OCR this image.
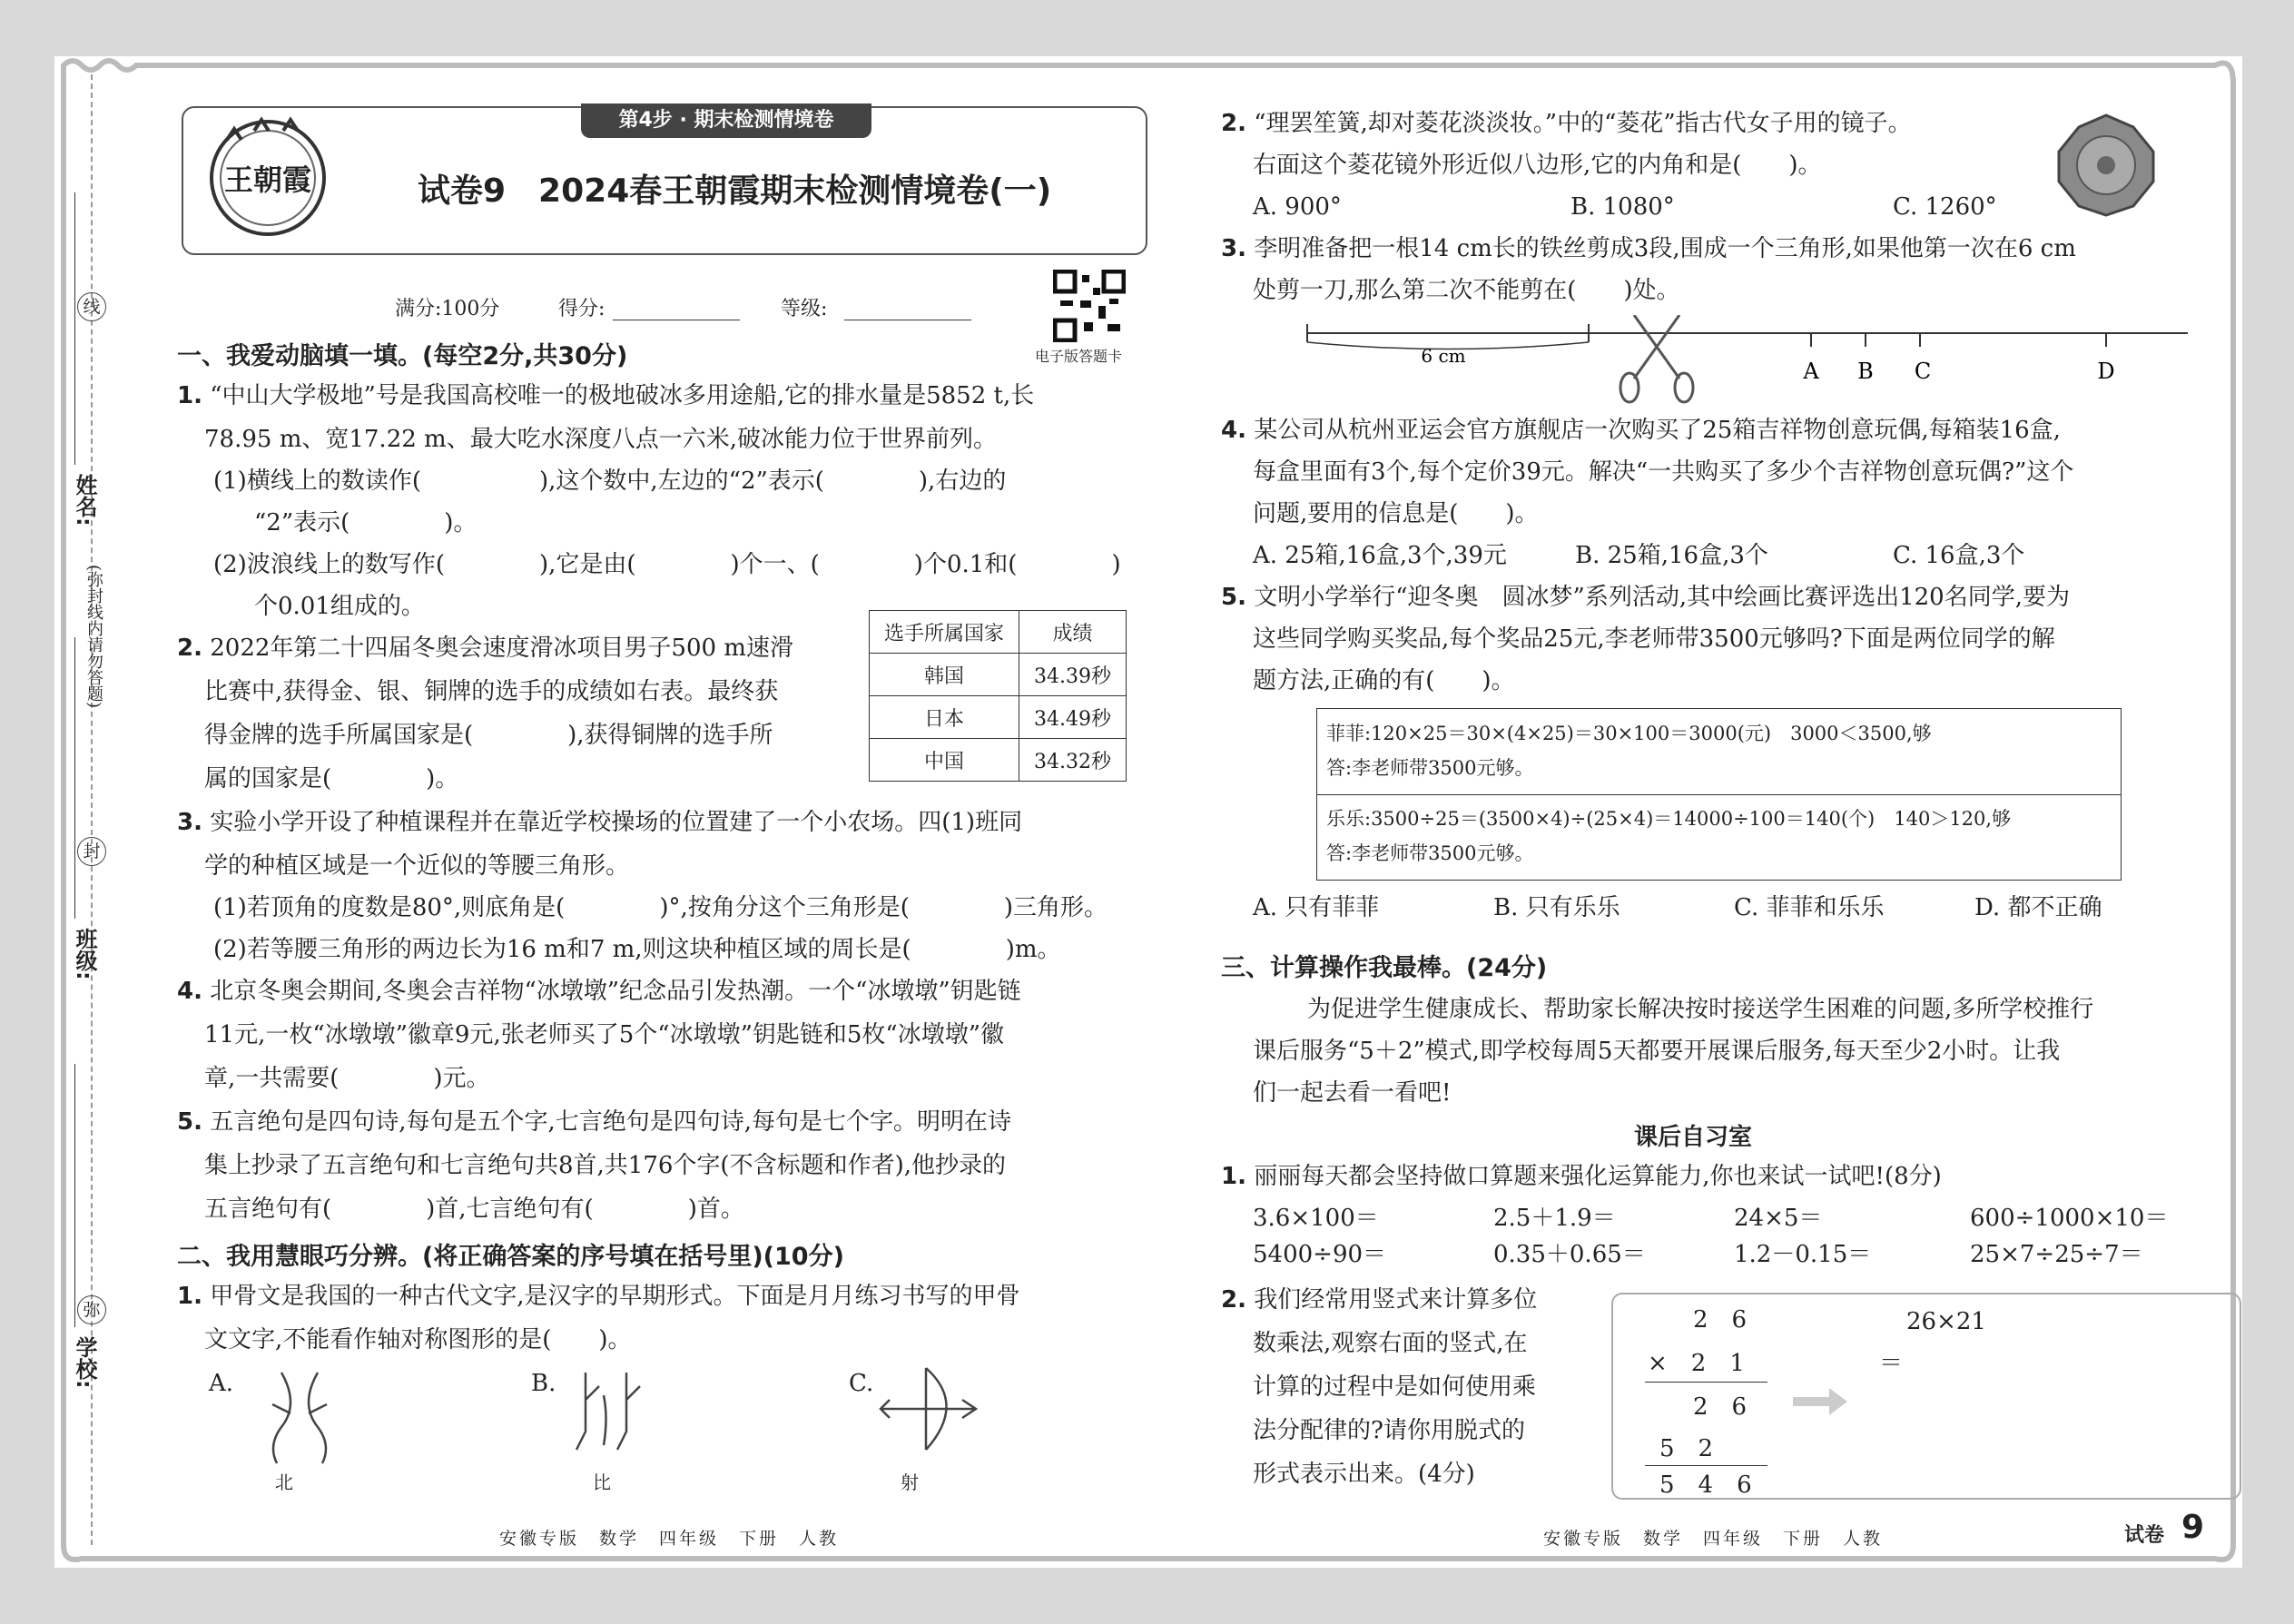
姓名:
班级:
学校:
线
封
弥
(弥封线内请勿答题)
第4步 · 期末检测情境卷
王朝霞	试卷9　2024春王朝霞期末检测情境卷(一)
满分:100分	得分:	等级:
电子版答题卡
一、我爱动脑填一填。(每空2分,共30分)
1. “中山大学极地”号是我国高校唯一的极地破冰多用途船,它的排水量是5852 t,长
78.95 m、宽17.22 m、最大吃水深度八点一六米,破冰能力位于世界前列。
(1)横线上的数读作(　　　　　),这个数中,左边的“2”表示(　　　　),右边的
“2”表示(　　　　)。
(2)波浪线上的数写作(　　　　),它是由(　　　　)个一、(　　　　)个0.1和(　　　　)
个0.01组成的。
2. 2022年第二十四届冬奥会速度滑冰项目男子500 m速滑
比赛中,获得金、银、铜牌的选手的成绩如右表。最终获
得金牌的选手所属国家是(　　　　),获得铜牌的选手所
属的国家是(　　　　)。
选手所属国家	成绩
韩国	34.39秒
日本	34.49秒
中国	34.32秒
3. 实验小学开设了种植课程并在靠近学校操场的位置建了一个小农场。四(1)班同
学的种植区域是一个近似的等腰三角形。
(1)若顶角的度数是80°,则底角是(　　　　)°,按角分这个三角形是(　　　　)三角形。
(2)若等腰三角形的两边长为16 m和7 m,则这块种植区域的周长是(　　　　)m。
4. 北京冬奥会期间,冬奥会吉祥物“冰墩墩”纪念品引发热潮。一个“冰墩墩”钥匙链
11元,一枚“冰墩墩”徽章9元,张老师买了5个“冰墩墩”钥匙链和5枚“冰墩墩”徽
章,一共需要(　　　　)元。
5. 五言绝句是四句诗,每句是五个字,七言绝句是四句诗,每句是七个字。明明在诗
集上抄录了五言绝句和七言绝句共8首,共176个字(不含标题和作者),他抄录的
五言绝句有(　　　　)首,七言绝句有(　　　　)首。
二、我用慧眼巧分辨。(将正确答案的序号填在括号里)(10分)
1. 甲骨文是我国的一种古代文字,是汉字的早期形式。下面是月月练习书写的甲骨
文文字,不能看作轴对称图形的是(　　)。
A.
北
B.
比
C.
射
安徽专版　数学　四年级　下册　人教
2. “理罢笙簧,却对菱花淡淡妆。”中的“菱花”指古代女子用的镜子。
右面这个菱花镜外形近似八边形,它的内角和是(　　)。
A. 900°	B. 1080°	C. 1260°
3. 李明准备把一根14 cm长的铁丝剪成3段,围成一个三角形,如果他第一次在6 cm
处剪一刀,那么第二次不能剪在(　　)处。
6 cm
A B C	D
4. 某公司从杭州亚运会官方旗舰店一次购买了25箱吉祥物创意玩偶,每箱装16盒,
每盒里面有3个,每个定价39元。解决“一共购买了多少个吉祥物创意玩偶?”这个
问题,要用的信息是(　　)。
A. 25箱,16盒,3个,39元	B. 25箱,16盒,3个	C. 16盒,3个
5. 文明小学举行“迎冬奥　圆冰梦”系列活动,其中绘画比赛评选出120名同学,要为
这些同学购买奖品,每个奖品25元,李老师带3500元够吗?下面是两位同学的解
题方法,正确的有(　　)。
菲菲:120×25＝30×(4×25)＝30×100＝3000(元)　3000＜3500,够
答:李老师带3500元够。
乐乐:3500÷25＝(3500×4)÷(25×4)＝14000÷100＝140(个)　140＞120,够
答:李老师带3500元够。
A. 只有菲菲	B. 只有乐乐	C. 菲菲和乐乐	D. 都不正确
三、计算操作我最棒。(24分)
为促进学生健康成长、帮助家长解决按时接送学生困难的问题,多所学校推行
课后服务“5＋2”模式,即学校每周5天都要开展课后服务,每天至少2小时。让我
们一起去看一看吧!
课后自习室
1. 丽丽每天都会坚持做口算题来强化运算能力,你也来试一试吧!(8分)
3.6×100＝	2.5＋1.9＝	24×5＝	600÷1000×10＝
5400÷90＝	0.35＋0.65＝	1.2－0.15＝	25×7÷25÷7＝
2. 我们经常用竖式来计算多位
数乘法,观察右面的竖式,在
计算的过程中是如何使用乘
法分配律的?请你用脱式的
形式表示出来。(4分)
2　6
×　2　1
2　6
5　2
5　4　6
26×21
＝
安徽专版　数学　四年级　下册　人教	试卷 9
